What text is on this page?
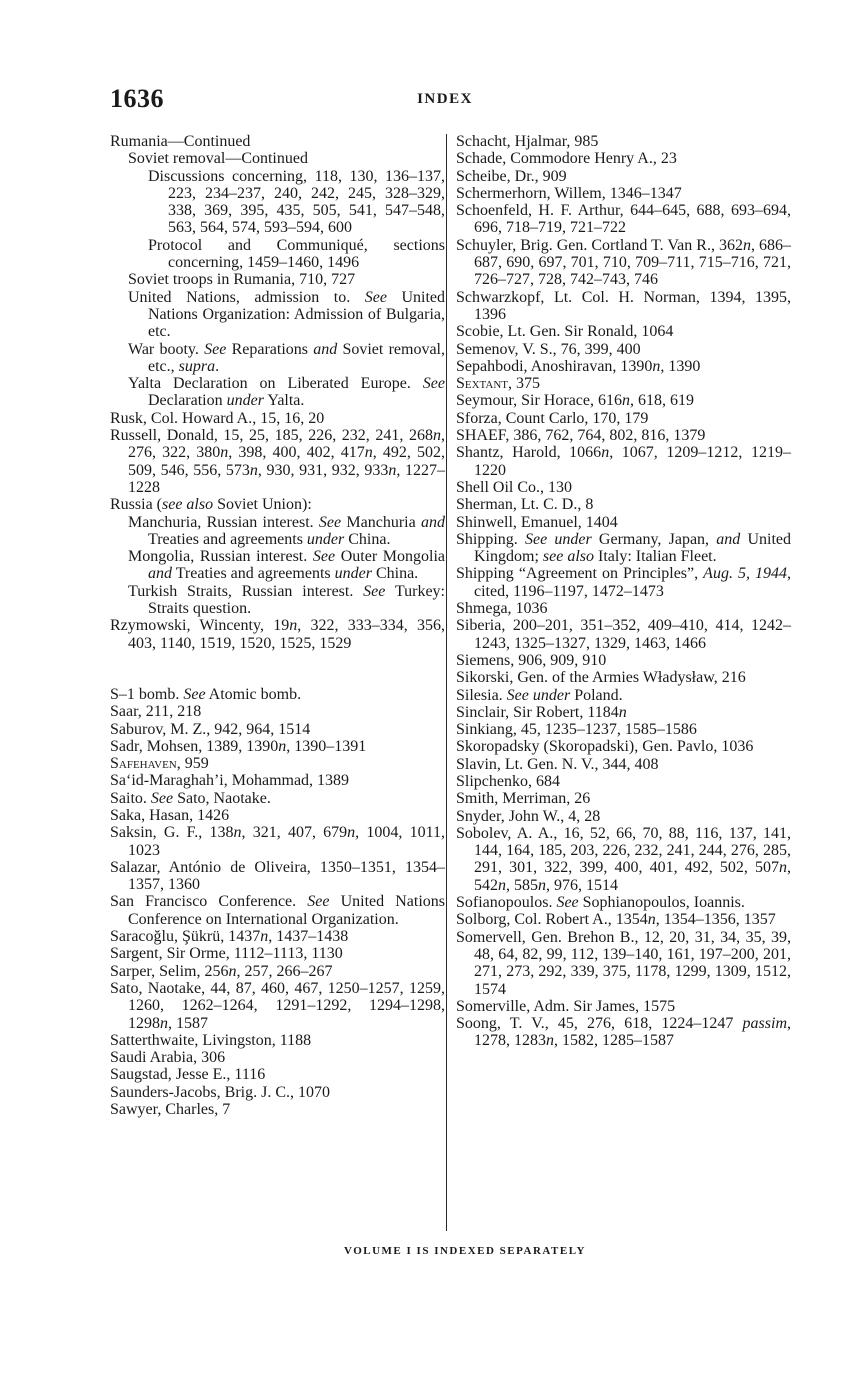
1636	INDEX
Rumania—Continued
Soviet removal—Continued
Discussions concerning, 118, 130, 136–137, 223, 234–237, 240, 242, 245, 328–329, 338, 369, 395, 435, 505, 541, 547–548, 563, 564, 574, 593–594, 600
Protocol and Communiqué, sections concerning, 1459–1460, 1496
Soviet troops in Rumania, 710, 727
United Nations, admission to. See United Nations Organization: Admission of Bulgaria, etc.
War booty. See Reparations and Soviet removal, etc., supra.
Yalta Declaration on Liberated Europe. See Declaration under Yalta.
Rusk, Col. Howard A., 15, 16, 20
Russell, Donald, 15, 25, 185, 226, 232, 241, 268n, 276, 322, 380n, 398, 400, 402, 417n, 492, 502, 509, 546, 556, 573n, 930, 931, 932, 933n, 1227–1228
Russia (see also Soviet Union):
Manchuria, Russian interest. See Manchuria and Treaties and agreements under China.
Mongolia, Russian interest. See Outer Mongolia and Treaties and agreements under China.
Turkish Straits, Russian interest. See Turkey: Straits question.
Rzymowski, Wincenty, 19n, 322, 333–334, 356, 403, 1140, 1519, 1520, 1525, 1529
S–1 bomb. See Atomic bomb.
Saar, 211, 218
Saburov, M. Z., 942, 964, 1514
Sadr, Mohsen, 1389, 1390n, 1390–1391
Safehaven, 959
Sa‘id-Maraghah’i, Mohammad, 1389
Saito. See Sato, Naotake.
Saka, Hasan, 1426
Saksin, G. F., 138n, 321, 407, 679n, 1004, 1011, 1023
Salazar, António de Oliveira, 1350–1351, 1354–1357, 1360
San Francisco Conference. See United Nations Conference on International Organization.
Saracoğlu, Şükrü, 1437n, 1437–1438
Sargent, Sir Orme, 1112–1113, 1130
Sarper, Selim, 256n, 257, 266–267
Sato, Naotake, 44, 87, 460, 467, 1250–1257, 1259, 1260, 1262–1264, 1291–1292, 1294–1298, 1298n, 1587
Satterthwaite, Livingston, 1188
Saudi Arabia, 306
Saugstad, Jesse E., 1116
Saunders-Jacobs, Brig. J. C., 1070
Sawyer, Charles, 7
Schacht, Hjalmar, 985
Schade, Commodore Henry A., 23
Scheibe, Dr., 909
Schermerhorn, Willem, 1346–1347
Schoenfeld, H. F. Arthur, 644–645, 688, 693–694, 696, 718–719, 721–722
Schuyler, Brig. Gen. Cortland T. Van R., 362n, 686–687, 690, 697, 701, 710, 709–711, 715–716, 721, 726–727, 728, 742–743, 746
Schwarzkopf, Lt. Col. H. Norman, 1394, 1395, 1396
Scobie, Lt. Gen. Sir Ronald, 1064
Semenov, V. S., 76, 399, 400
Sepahbodi, Anoshiravan, 1390n, 1390
Sextant, 375
Seymour, Sir Horace, 616n, 618, 619
Sforza, Count Carlo, 170, 179
SHAEF, 386, 762, 764, 802, 816, 1379
Shantz, Harold, 1066n, 1067, 1209–1212, 1219–1220
Shell Oil Co., 130
Sherman, Lt. C. D., 8
Shinwell, Emanuel, 1404
Shipping. See under Germany, Japan, and United Kingdom; see also Italy: Italian Fleet.
Shipping “Agreement on Principles”, Aug. 5, 1944, cited, 1196–1197, 1472–1473
Shmega, 1036
Siberia, 200–201, 351–352, 409–410, 414, 1242–1243, 1325–1327, 1329, 1463, 1466
Siemens, 906, 909, 910
Sikorski, Gen. of the Armies Władysław, 216
Silesia. See under Poland.
Sinclair, Sir Robert, 1184n
Sinkiang, 45, 1235–1237, 1585–1586
Skoropadsky (Skoropadski), Gen. Pavlo, 1036
Slavin, Lt. Gen. N. V., 344, 408
Slipchenko, 684
Smith, Merriman, 26
Snyder, John W., 4, 28
Sobolev, A. A., 16, 52, 66, 70, 88, 116, 137, 141, 144, 164, 185, 203, 226, 232, 241, 244, 276, 285, 291, 301, 322, 399, 400, 401, 492, 502, 507n, 542n, 585n, 976, 1514
Sofianopoulos. See Sophianopoulos, Ioannis.
Solborg, Col. Robert A., 1354n, 1354–1356, 1357
Somervell, Gen. Brehon B., 12, 20, 31, 34, 35, 39, 48, 64, 82, 99, 112, 139–140, 161, 197–200, 201, 271, 273, 292, 339, 375, 1178, 1299, 1309, 1512, 1574
Somerville, Adm. Sir James, 1575
Soong, T. V., 45, 276, 618, 1224–1247 passim, 1278, 1283n, 1582, 1285–1587
VOLUME I IS INDEXED SEPARATELY
